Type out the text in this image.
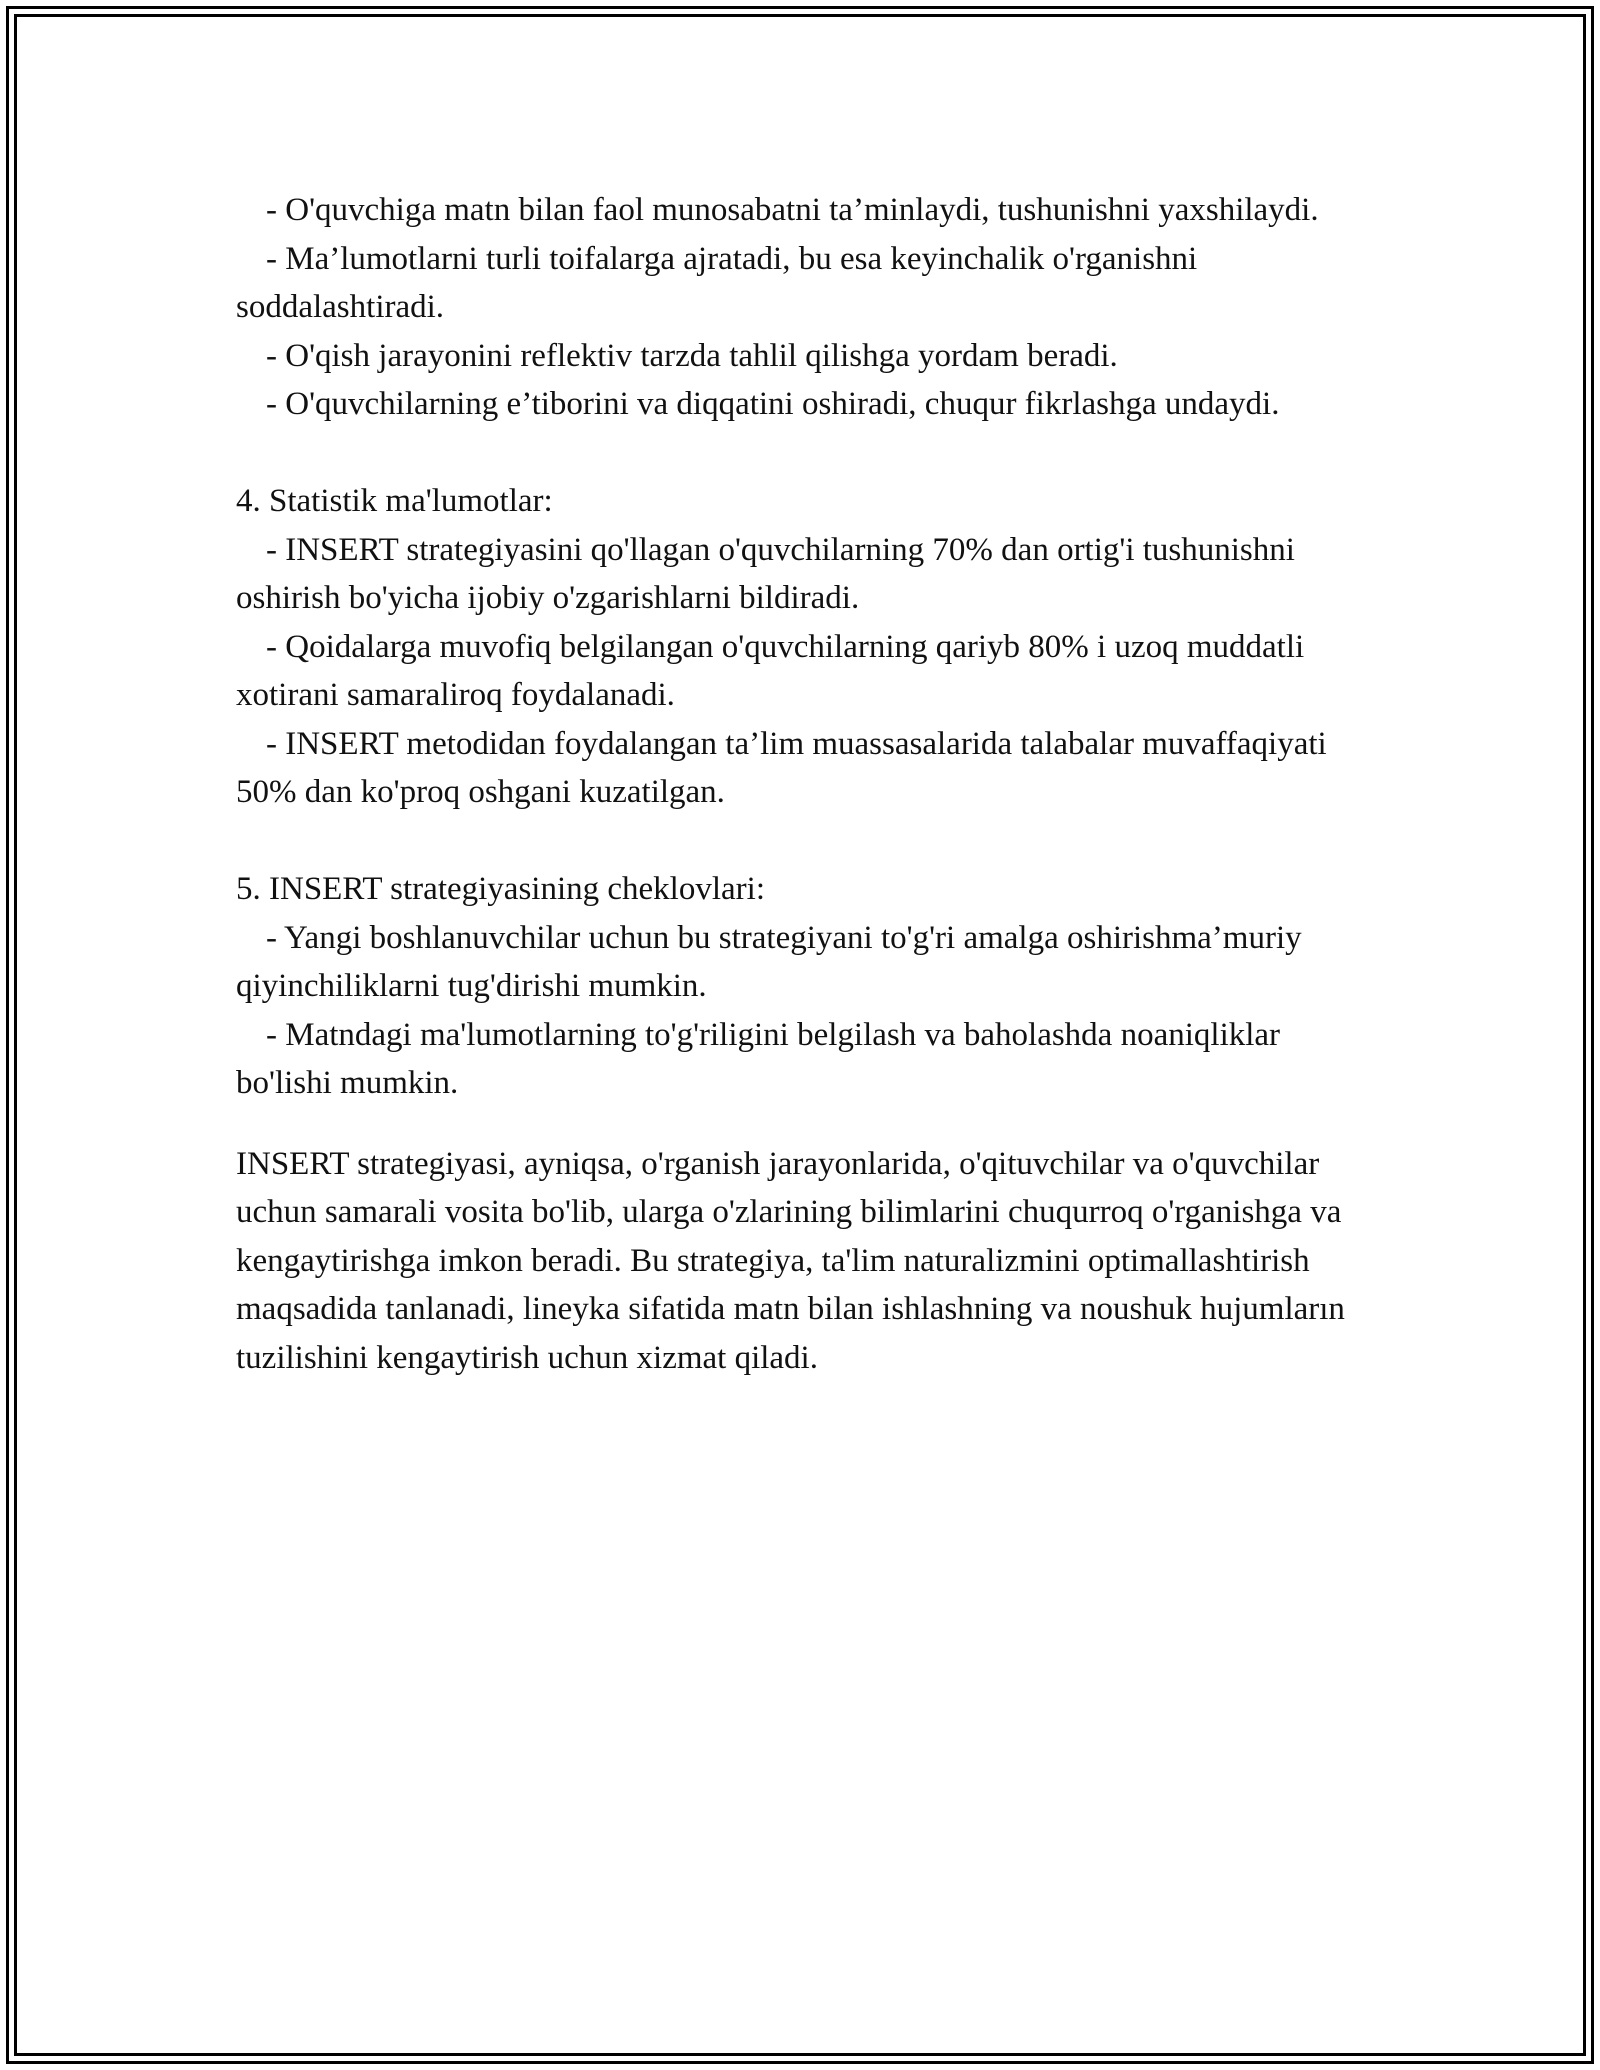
- O'quvchiga matn bilan faol munosabatni ta’minlaydi, tushunishni yaxshilaydi.

- Ma’lumotlarni turli toifalarga ajratadi, bu esa keyinchalik o'rganishni soddalashtiradi.

- O'qish jarayonini reflektiv tarzda tahlil qilishga yordam beradi.

- O'quvchilarning e’tiborini va diqqatini oshiradi, chuqur fikrlashga undaydi.

4. Statistik ma'lumotlar:

- INSERT strategiyasini qo'llagan o'quvchilarning 70% dan ortig'i tushunishni oshirish bo'yicha ijobiy o'zgarishlarni bildiradi.

- Qoidalarga muvofiq belgilangan o'quvchilarning qariyb 80% i uzoq muddatli xotirani samaraliroq foydalanadi.

- INSERT metodidan foydalangan ta’lim muassasalarida talabalar muvaffaqiyati 50% dan ko'proq oshgani kuzatilgan.

5. INSERT strategiyasining cheklovlari:

- Yangi boshlanuvchilar uchun bu strategiyani to'g'ri amalga oshirishma’muriy qiyinchiliklarni tug'dirishi mumkin.

- Matndagi ma'lumotlarning to'g'riligini belgilash va baholashda noaniqliklar bo'lishi mumkin.

INSERT strategiyasi, ayniqsa, o'rganish jarayonlarida, o'qituvchilar va o'quvchilar uchun samarali vosita bo'lib, ularga o'zlarining bilimlarini chuqurroq o'rganishga va kengaytirishga imkon beradi. Bu strategiya, ta'lim naturalizmini optimallashtirish maqsadida tanlanadi, lineyka sifatida matn bilan ishlashning va noushuk hujumların tuzilishini kengaytirish uchun xizmat qiladi.
